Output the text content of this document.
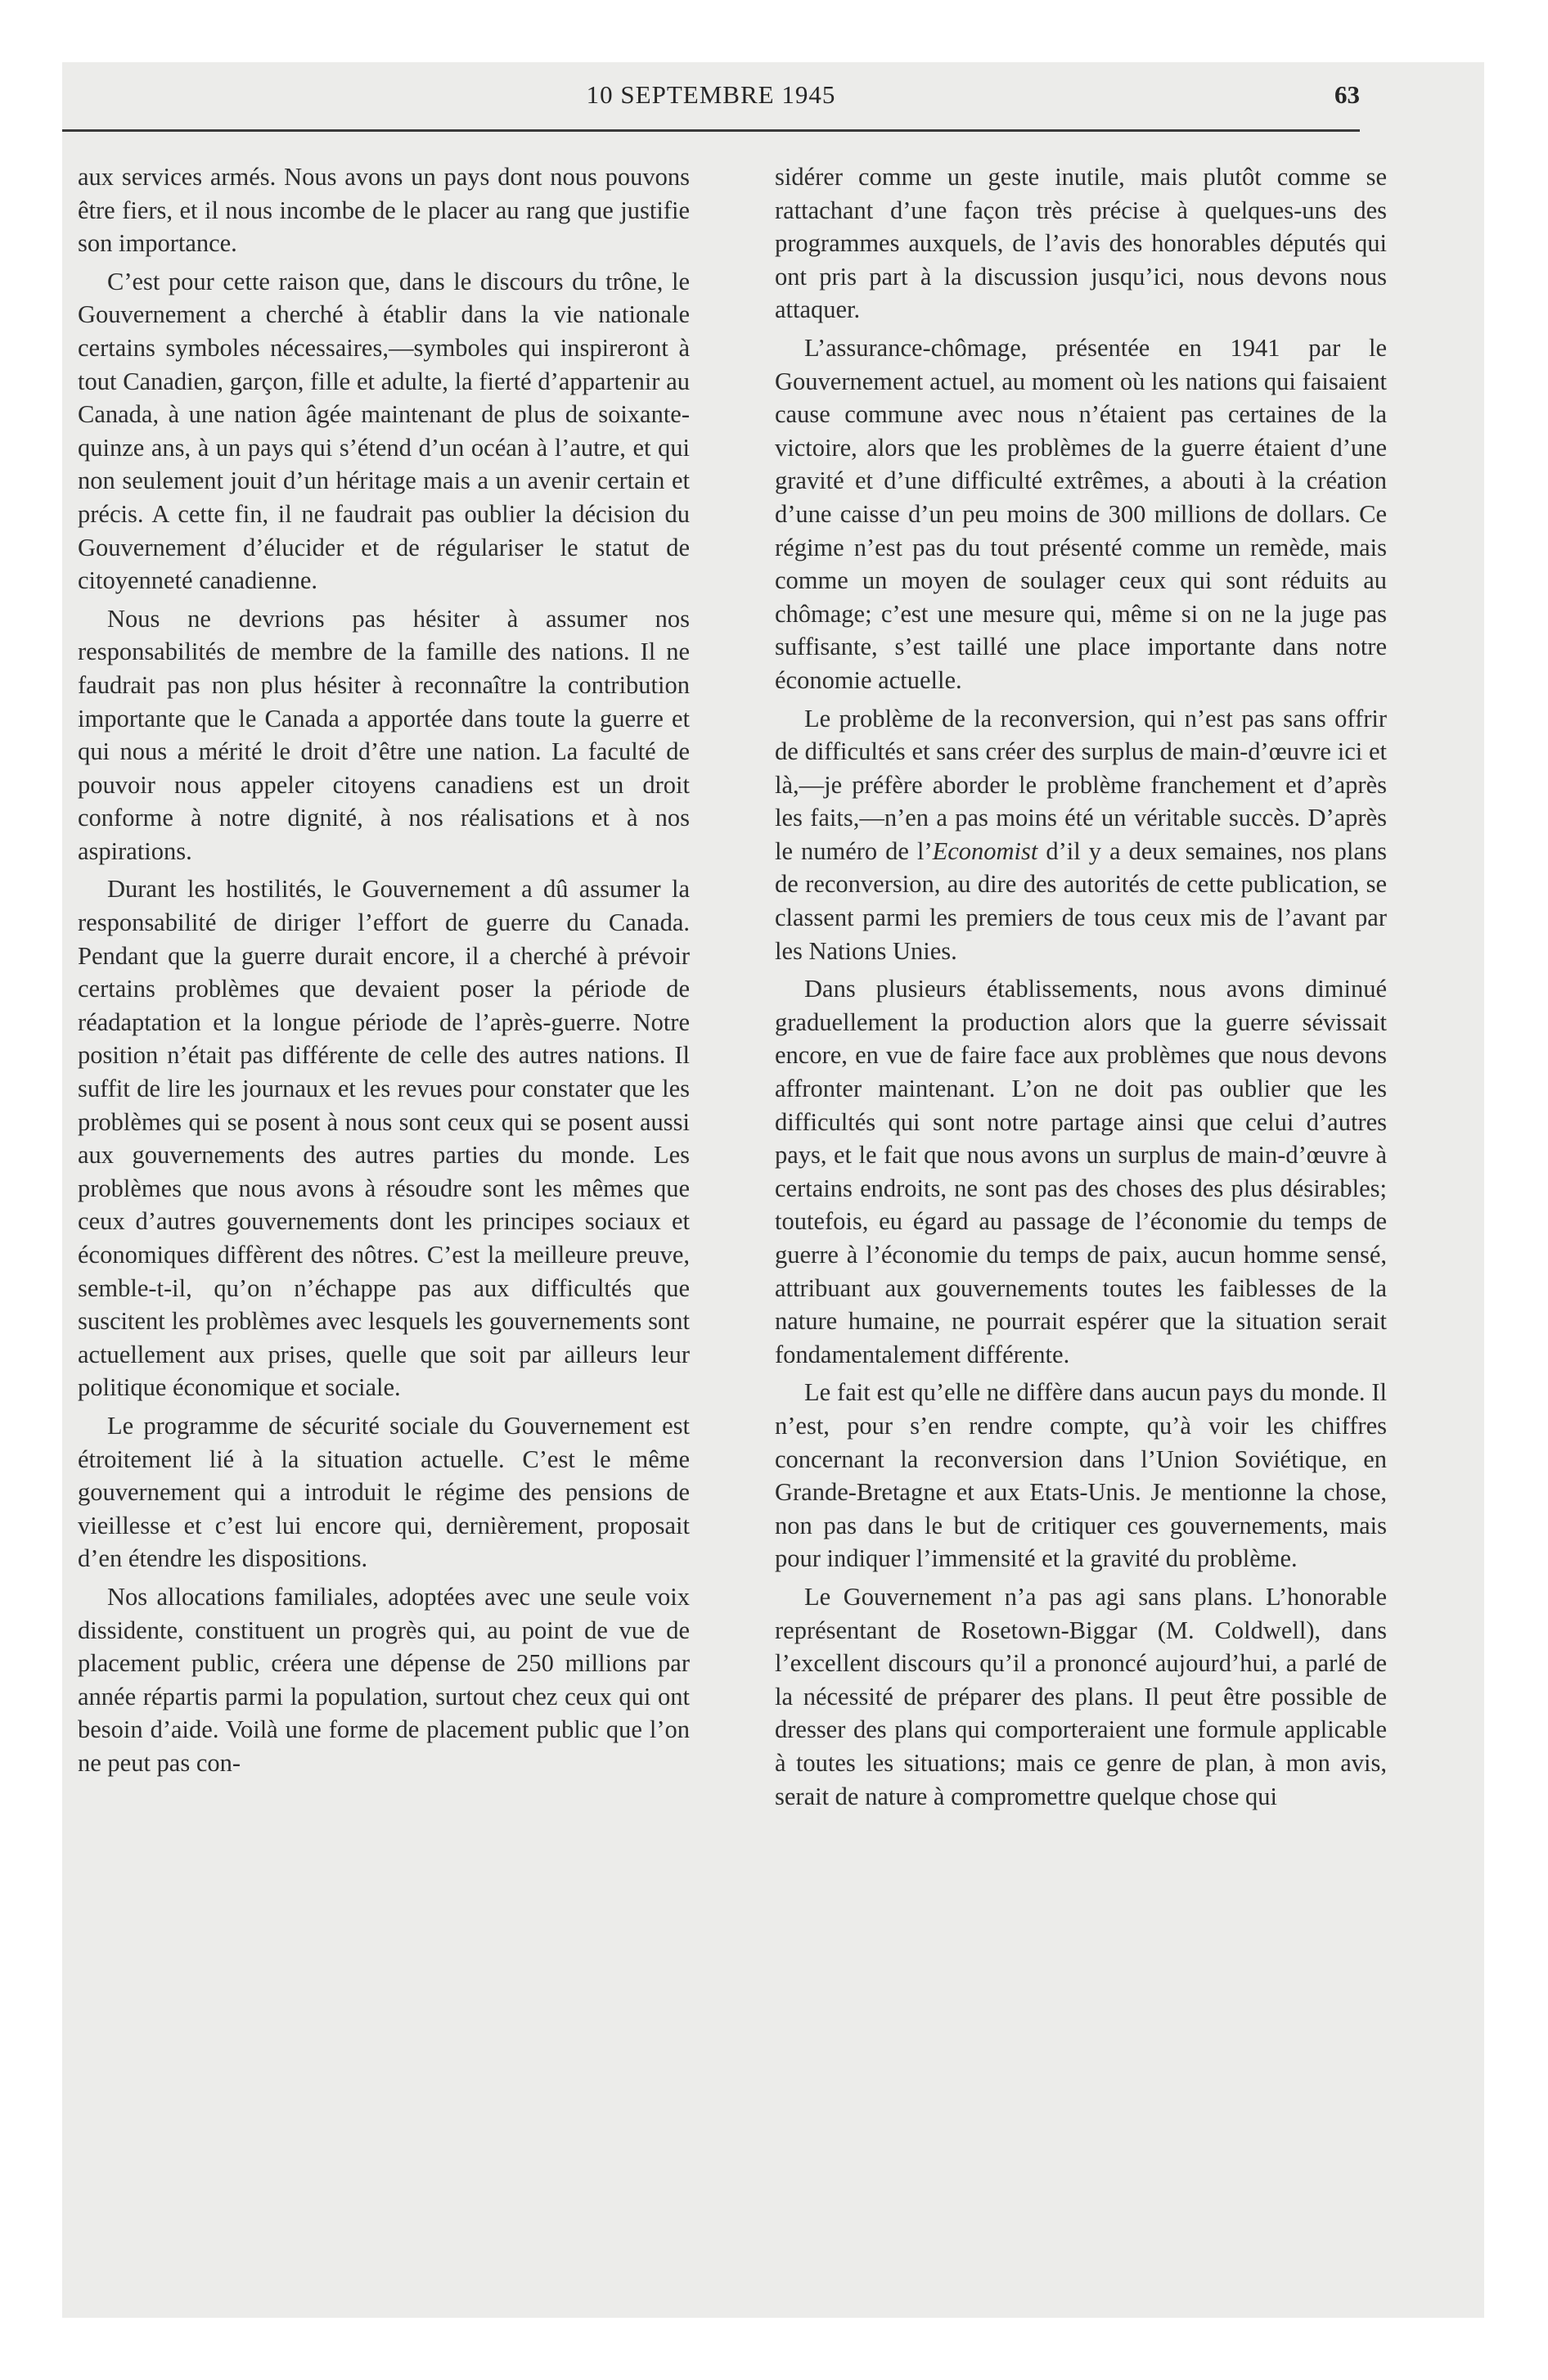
10 SEPTEMBRE 1945	63

aux services armés. Nous avons un pays dont nous pouvons être fiers, et il nous incombe de le placer au rang que justifie son importance.

C’est pour cette raison que, dans le discours du trône, le Gouvernement a cherché à établir dans la vie nationale certains symboles nécessaires,—symboles qui inspireront à tout Canadien, garçon, fille et adulte, la fierté d’appartenir au Canada, à une nation âgée maintenant de plus de soixante-quinze ans, à un pays qui s’étend d’un océan à l’autre, et qui non seulement jouit d’un héritage mais a un avenir certain et précis. A cette fin, il ne faudrait pas oublier la décision du Gouvernement d’élucider et de régulariser le statut de citoyenneté canadienne.

Nous ne devrions pas hésiter à assumer nos responsabilités de membre de la famille des nations. Il ne faudrait pas non plus hésiter à reconnaître la contribution importante que le Canada a apportée dans toute la guerre et qui nous a mérité le droit d’être une nation. La faculté de pouvoir nous appeler citoyens canadiens est un droit conforme à notre dignité, à nos réalisations et à nos aspirations.

Durant les hostilités, le Gouvernement a dû assumer la responsabilité de diriger l’effort de guerre du Canada. Pendant que la guerre durait encore, il a cherché à prévoir certains problèmes que devaient poser la période de réadaptation et la longue période de l’après-guerre. Notre position n’était pas différente de celle des autres nations. Il suffit de lire les journaux et les revues pour constater que les problèmes qui se posent à nous sont ceux qui se posent aussi aux gouvernements des autres parties du monde. Les problèmes que nous avons à résoudre sont les mêmes que ceux d’autres gouvernements dont les principes sociaux et économiques diffèrent des nôtres. C’est la meilleure preuve, semble-t-il, qu’on n’échappe pas aux difficultés que suscitent les problèmes avec lesquels les gouvernements sont actuellement aux prises, quelle que soit par ailleurs leur politique économique et sociale.

Le programme de sécurité sociale du Gouvernement est étroitement lié à la situation actuelle. C’est le même gouvernement qui a introduit le régime des pensions de vieillesse et c’est lui encore qui, dernièrement, proposait d’en étendre les dispositions.

Nos allocations familiales, adoptées avec une seule voix dissidente, constituent un progrès qui, au point de vue de placement public, créera une dépense de 250 millions par année répartis parmi la population, surtout chez ceux qui ont besoin d’aide. Voilà une forme de placement public que l’on ne peut pas con-

sidérer comme un geste inutile, mais plutôt comme se rattachant d’une façon très précise à quelques-uns des programmes auxquels, de l’avis des honorables députés qui ont pris part à la discussion jusqu’ici, nous devons nous attaquer.

L’assurance-chômage, présentée en 1941 par le Gouvernement actuel, au moment où les nations qui faisaient cause commune avec nous n’étaient pas certaines de la victoire, alors que les problèmes de la guerre étaient d’une gravité et d’une difficulté extrêmes, a abouti à la création d’une caisse d’un peu moins de 300 millions de dollars. Ce régime n’est pas du tout présenté comme un remède, mais comme un moyen de soulager ceux qui sont réduits au chômage; c’est une mesure qui, même si on ne la juge pas suffisante, s’est taillé une place importante dans notre économie actuelle.

Le problème de la reconversion, qui n’est pas sans offrir de difficultés et sans créer des surplus de main-d’œuvre ici et là,—je préfère aborder le problème franchement et d’après les faits,—n’en a pas moins été un véritable succès. D’après le numéro de l’Economist d’il y a deux semaines, nos plans de reconversion, au dire des autorités de cette publication, se classent parmi les premiers de tous ceux mis de l’avant par les Nations Unies.

Dans plusieurs établissements, nous avons diminué graduellement la production alors que la guerre sévissait encore, en vue de faire face aux problèmes que nous devons affronter maintenant. L’on ne doit pas oublier que les difficultés qui sont notre partage ainsi que celui d’autres pays, et le fait que nous avons un surplus de main-d’œuvre à certains endroits, ne sont pas des choses des plus désirables; toutefois, eu égard au passage de l’économie du temps de guerre à l’économie du temps de paix, aucun homme sensé, attribuant aux gouvernements toutes les faiblesses de la nature humaine, ne pourrait espérer que la situation serait fondamentalement différente.

Le fait est qu’elle ne diffère dans aucun pays du monde. Il n’est, pour s’en rendre compte, qu’à voir les chiffres concernant la reconversion dans l’Union Soviétique, en Grande-Bretagne et aux Etats-Unis. Je mentionne la chose, non pas dans le but de critiquer ces gouvernements, mais pour indiquer l’immensité et la gravité du problème.

Le Gouvernement n’a pas agi sans plans. L’honorable représentant de Rosetown-Biggar (M. Coldwell), dans l’excellent discours qu’il a prononcé aujourd’hui, a parlé de la nécessité de préparer des plans. Il peut être possible de dresser des plans qui comporteraient une formule applicable à toutes les situations; mais ce genre de plan, à mon avis, serait de nature à compromettre quelque chose qui
